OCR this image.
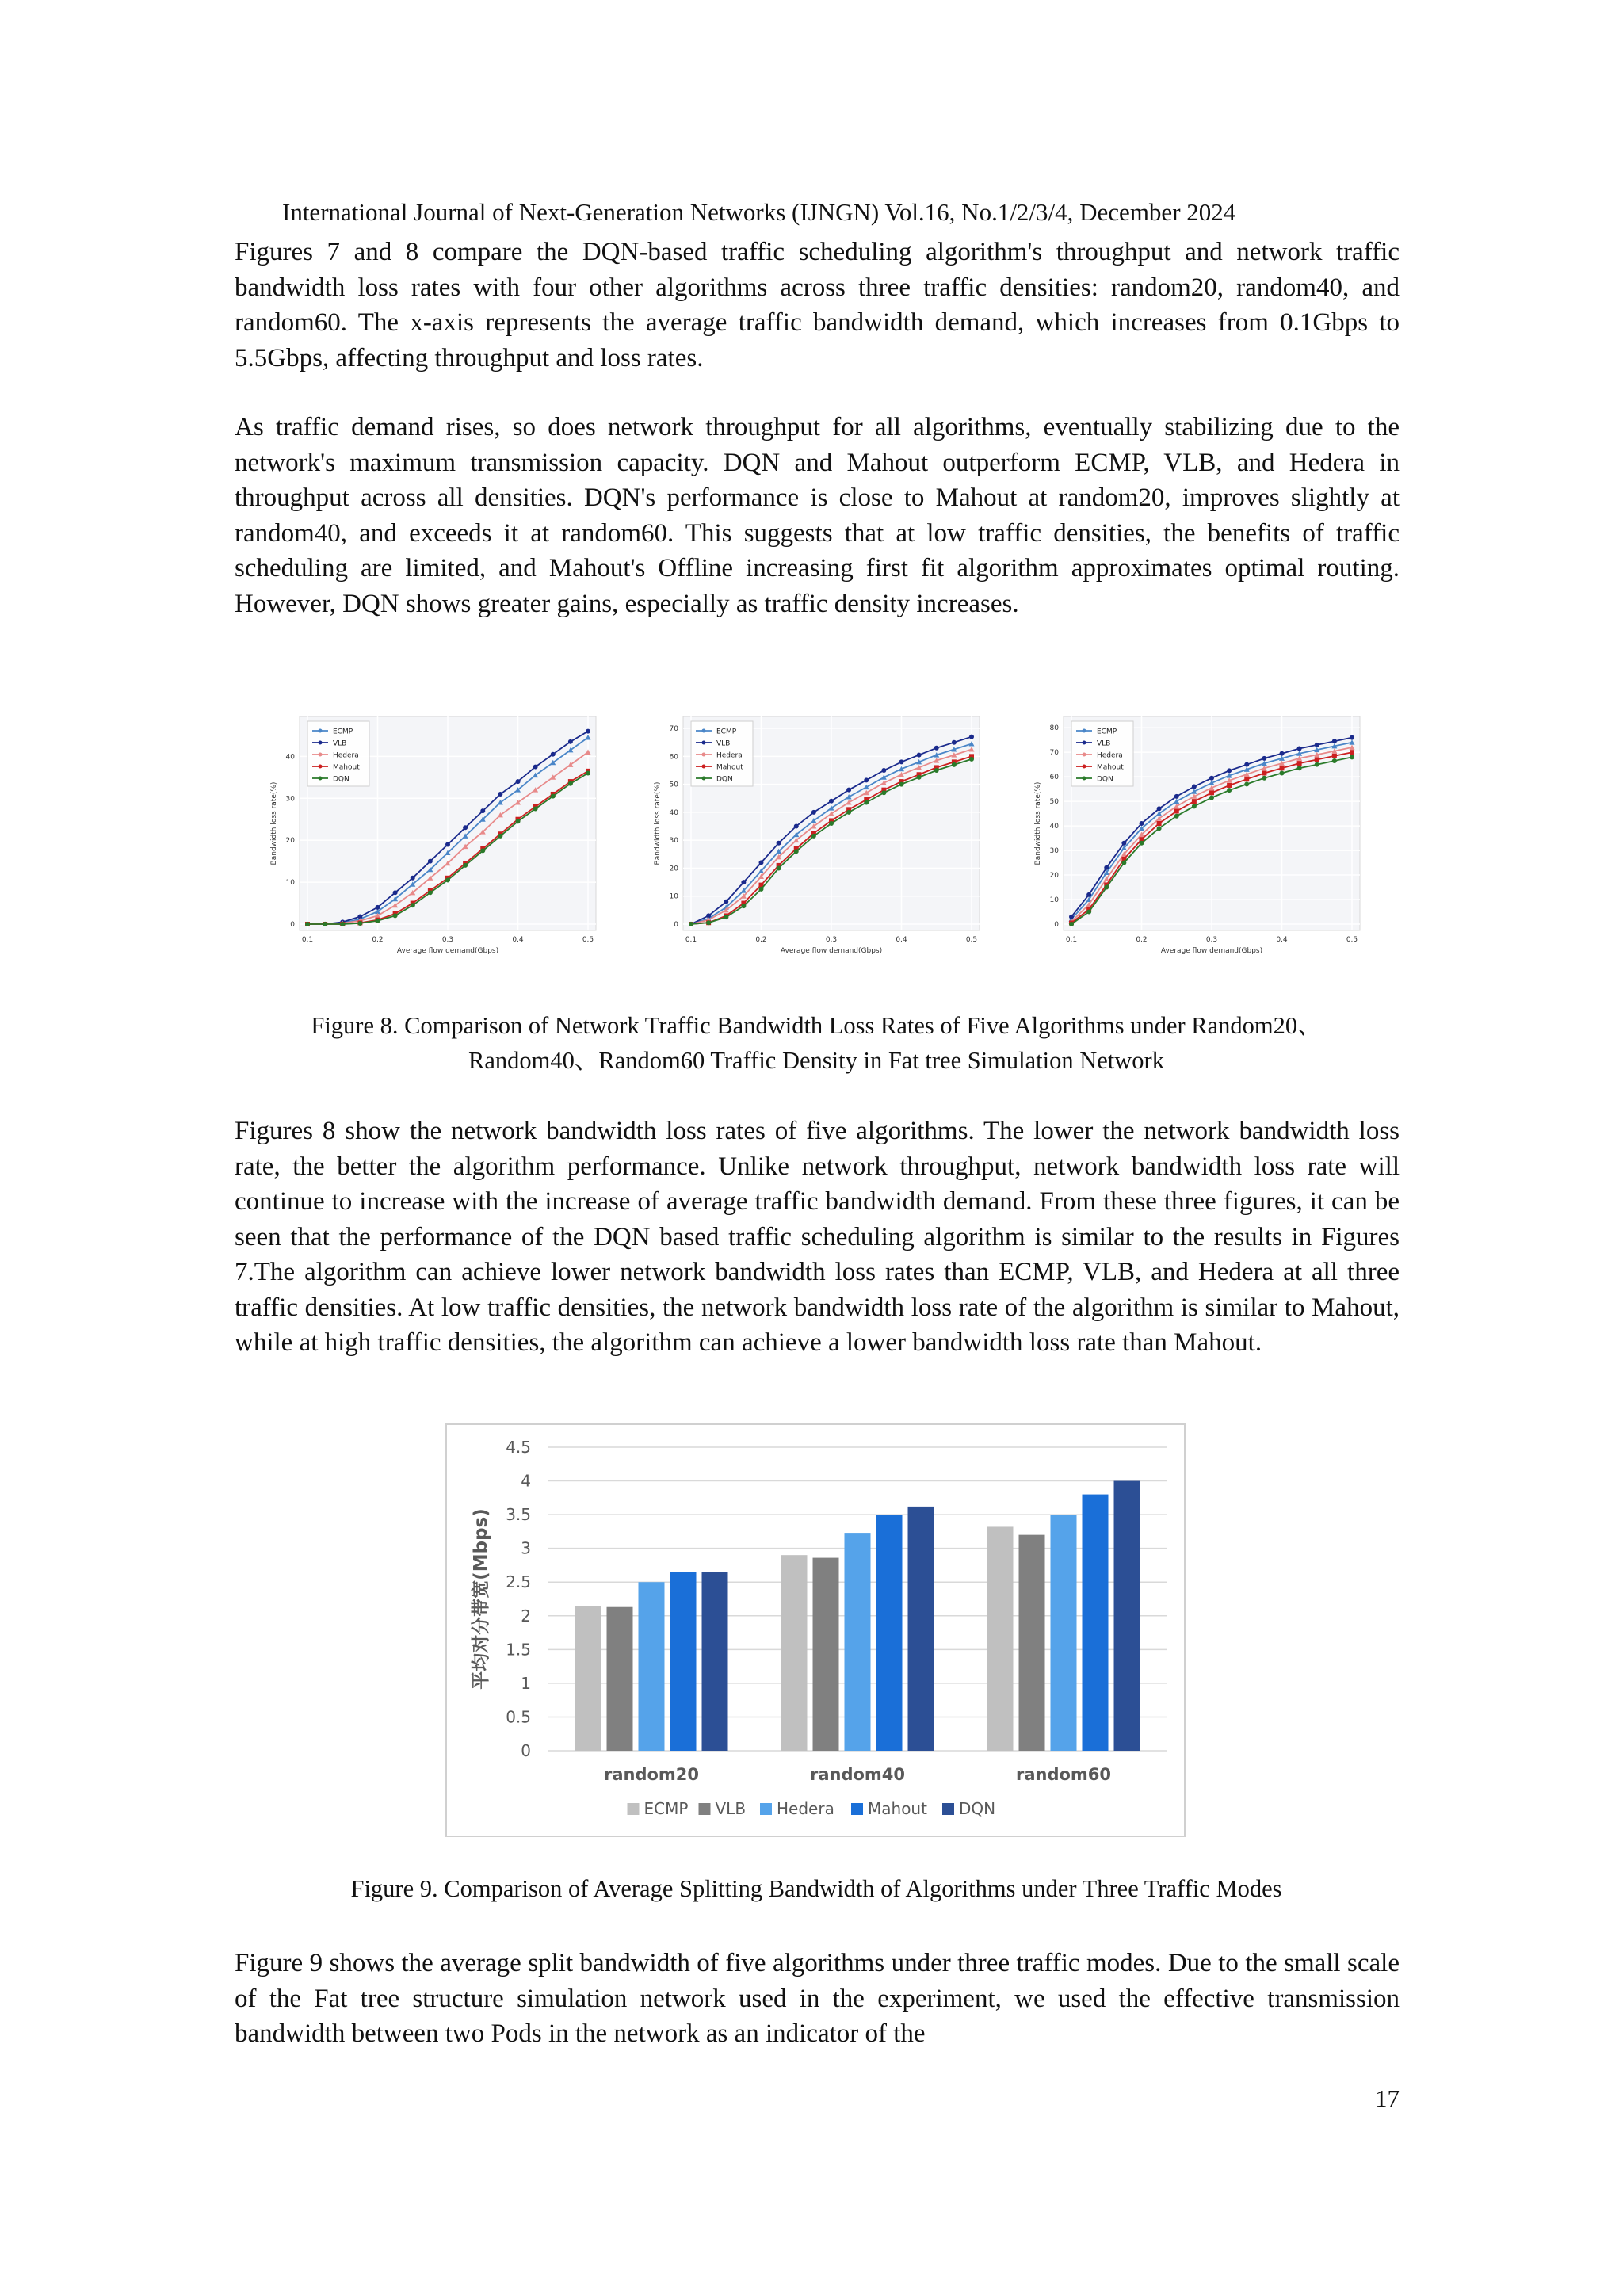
International Journal of Next-Generation Networks (IJNGN) Vol.16, No.1/2/3/4, December 2024

Figures 7 and 8 compare the DQN-based traffic scheduling algorithm's throughput and network traffic bandwidth loss rates with four other algorithms across three traffic densities: random20, random40, and random60. The x-axis represents the average traffic bandwidth demand, which increases from 0.1Gbps to 5.5Gbps, affecting throughput and loss rates.

As traffic demand rises, so does network throughput for all algorithms, eventually stabilizing due to the network's maximum transmission capacity. DQN and Mahout outperform ECMP, VLB, and Hedera in throughput across all densities. DQN's performance is close to Mahout at random20, improves slightly at random40, and exceeds it at random60. This suggests that at low traffic densities, the benefits of traffic scheduling are limited, and Mahout's Offline increasing first fit algorithm approximates optimal routing. However, DQN shows greater gains, especially as traffic density increases.

0
10
20
30
40
0.1	0.2	0.3	0.4	0.5
Average flow demand(Gbps)
Bandwidth loss rate(%)
ECMP
VLB
Hedera
Mahout
DQN
0
10
20
30
40
50
60
70
0.1	0.2	0.3	0.4	0.5
Average flow demand(Gbps)
Bandwidth loss rate(%)
ECMP
VLB
Hedera
Mahout
DQN
0
10
20
30
40
50
60
70
80
0.1	0.2	0.3	0.4	0.5
Average flow demand(Gbps)
Bandwidth loss rate(%)
ECMP
VLB
Hedera
Mahout
DQN
Figure 8. Comparison of Network Traffic Bandwidth Loss Rates of Five Algorithms under Random20、
Random40、Random60 Traffic Density in Fat tree Simulation Network

Figures 8 show the network bandwidth loss rates of five algorithms. The lower the network bandwidth loss rate, the better the algorithm performance. Unlike network throughput, network bandwidth loss rate will continue to increase with the increase of average traffic bandwidth demand. From these three figures, it can be seen that the performance of the DQN based traffic scheduling algorithm is similar to the results in Figures 7.The algorithm can achieve lower network bandwidth loss rates than ECMP, VLB, and Hedera at all three traffic densities. At low traffic densities, the network bandwidth loss rate of the algorithm is similar to Mahout, while at high traffic densities, the algorithm can achieve a lower bandwidth loss rate than Mahout.

0
0.5
1
1.5
2
2.5
3
3.5
4
4.5
平均对分带宽(Mbps)
random20	random40	random60
ECMP VLB Hedera Mahout DQN
Figure 9. Comparison of Average Splitting Bandwidth of Algorithms under Three Traffic Modes

Figure 9 shows the average split bandwidth of five algorithms under three traffic modes. Due to the small scale of the Fat tree structure simulation network used in the experiment, we used the effective transmission bandwidth between two Pods in the network as an indicator of the

17
